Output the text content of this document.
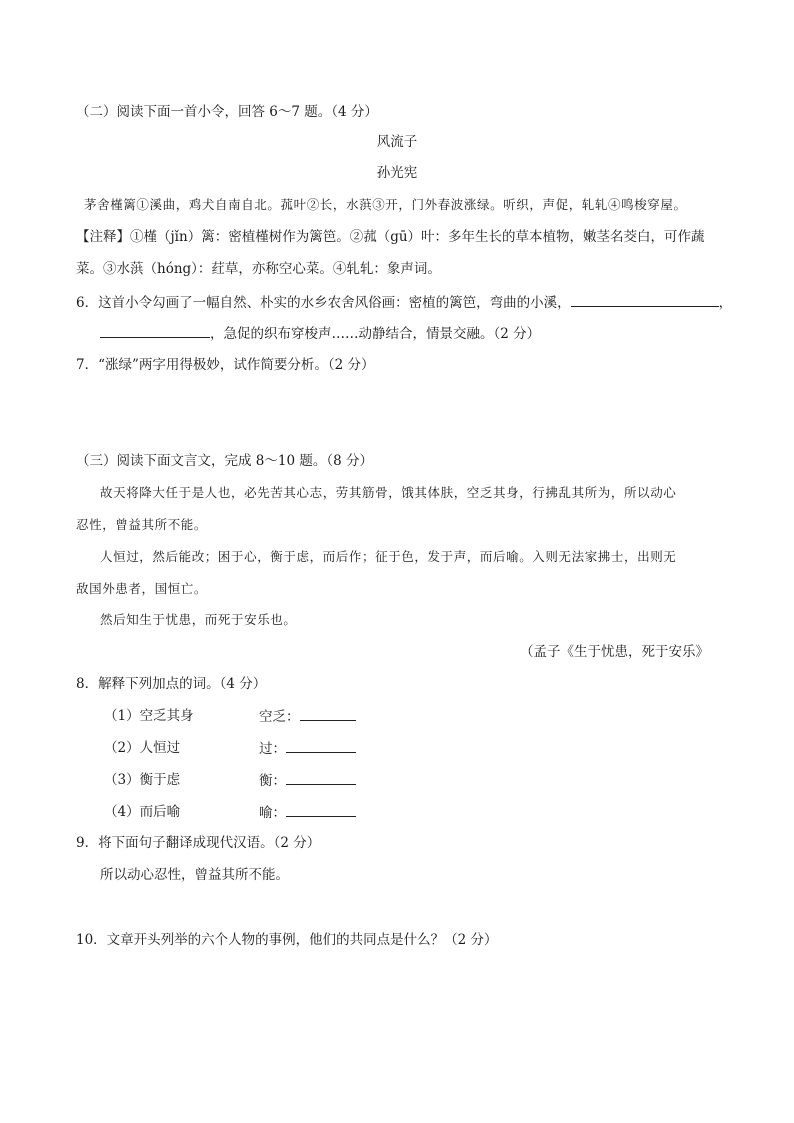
（二）阅读下面一首小令，回答 6～7 题。（4 分）
风流子
孙光宪
茅舍槿篱①溪曲，鸡犬自南自北。菰叶②长，水葓③开，门外春波涨绿。听织，声促，轧轧④鸣梭穿屋。
【注释】①槿（jǐn）篱：密植槿树作为篱笆。②菰（gū）叶：多年生长的草本植物，嫩茎名茭白，可作蔬
菜。③水葓（hóng）：荭草，亦称空心菜。④轧轧：象声词。
6．这首小令勾画了一幅自然、朴实的水乡农舍风俗画：密植的篱笆，弯曲的小溪，	，
，急促的织布穿梭声……动静结合，情景交融。（2 分）
7．“涨绿”两字用得极妙，试作简要分析。（2 分）
（三）阅读下面文言文，完成 8～10 题。（8 分）
故天将降大任于是人也，必先苦其心志，劳其筋骨，饿其体肤，空乏其身，行拂乱其所为，所以动心
忍性，曾益其所不能。
人恒过，然后能改；困于心，衡于虑，而后作；征于色，发于声，而后喻。入则无法家拂士，出则无
敌国外患者，国恒亡。
然后知生于忧患，而死于安乐也。
（孟子《生于忧患，死于安乐》
8．解释下列加点的词。（4 分）
（1）空乏其身	空乏：
（2）人恒过	过：
（3）衡于虑	衡：
（4）而后喻	喻：
9．将下面句子翻译成现代汉语。（2 分）
所以动心忍性，曾益其所不能。
10．文章开头列举的六个人物的事例，他们的共同点是什么？（2 分）
